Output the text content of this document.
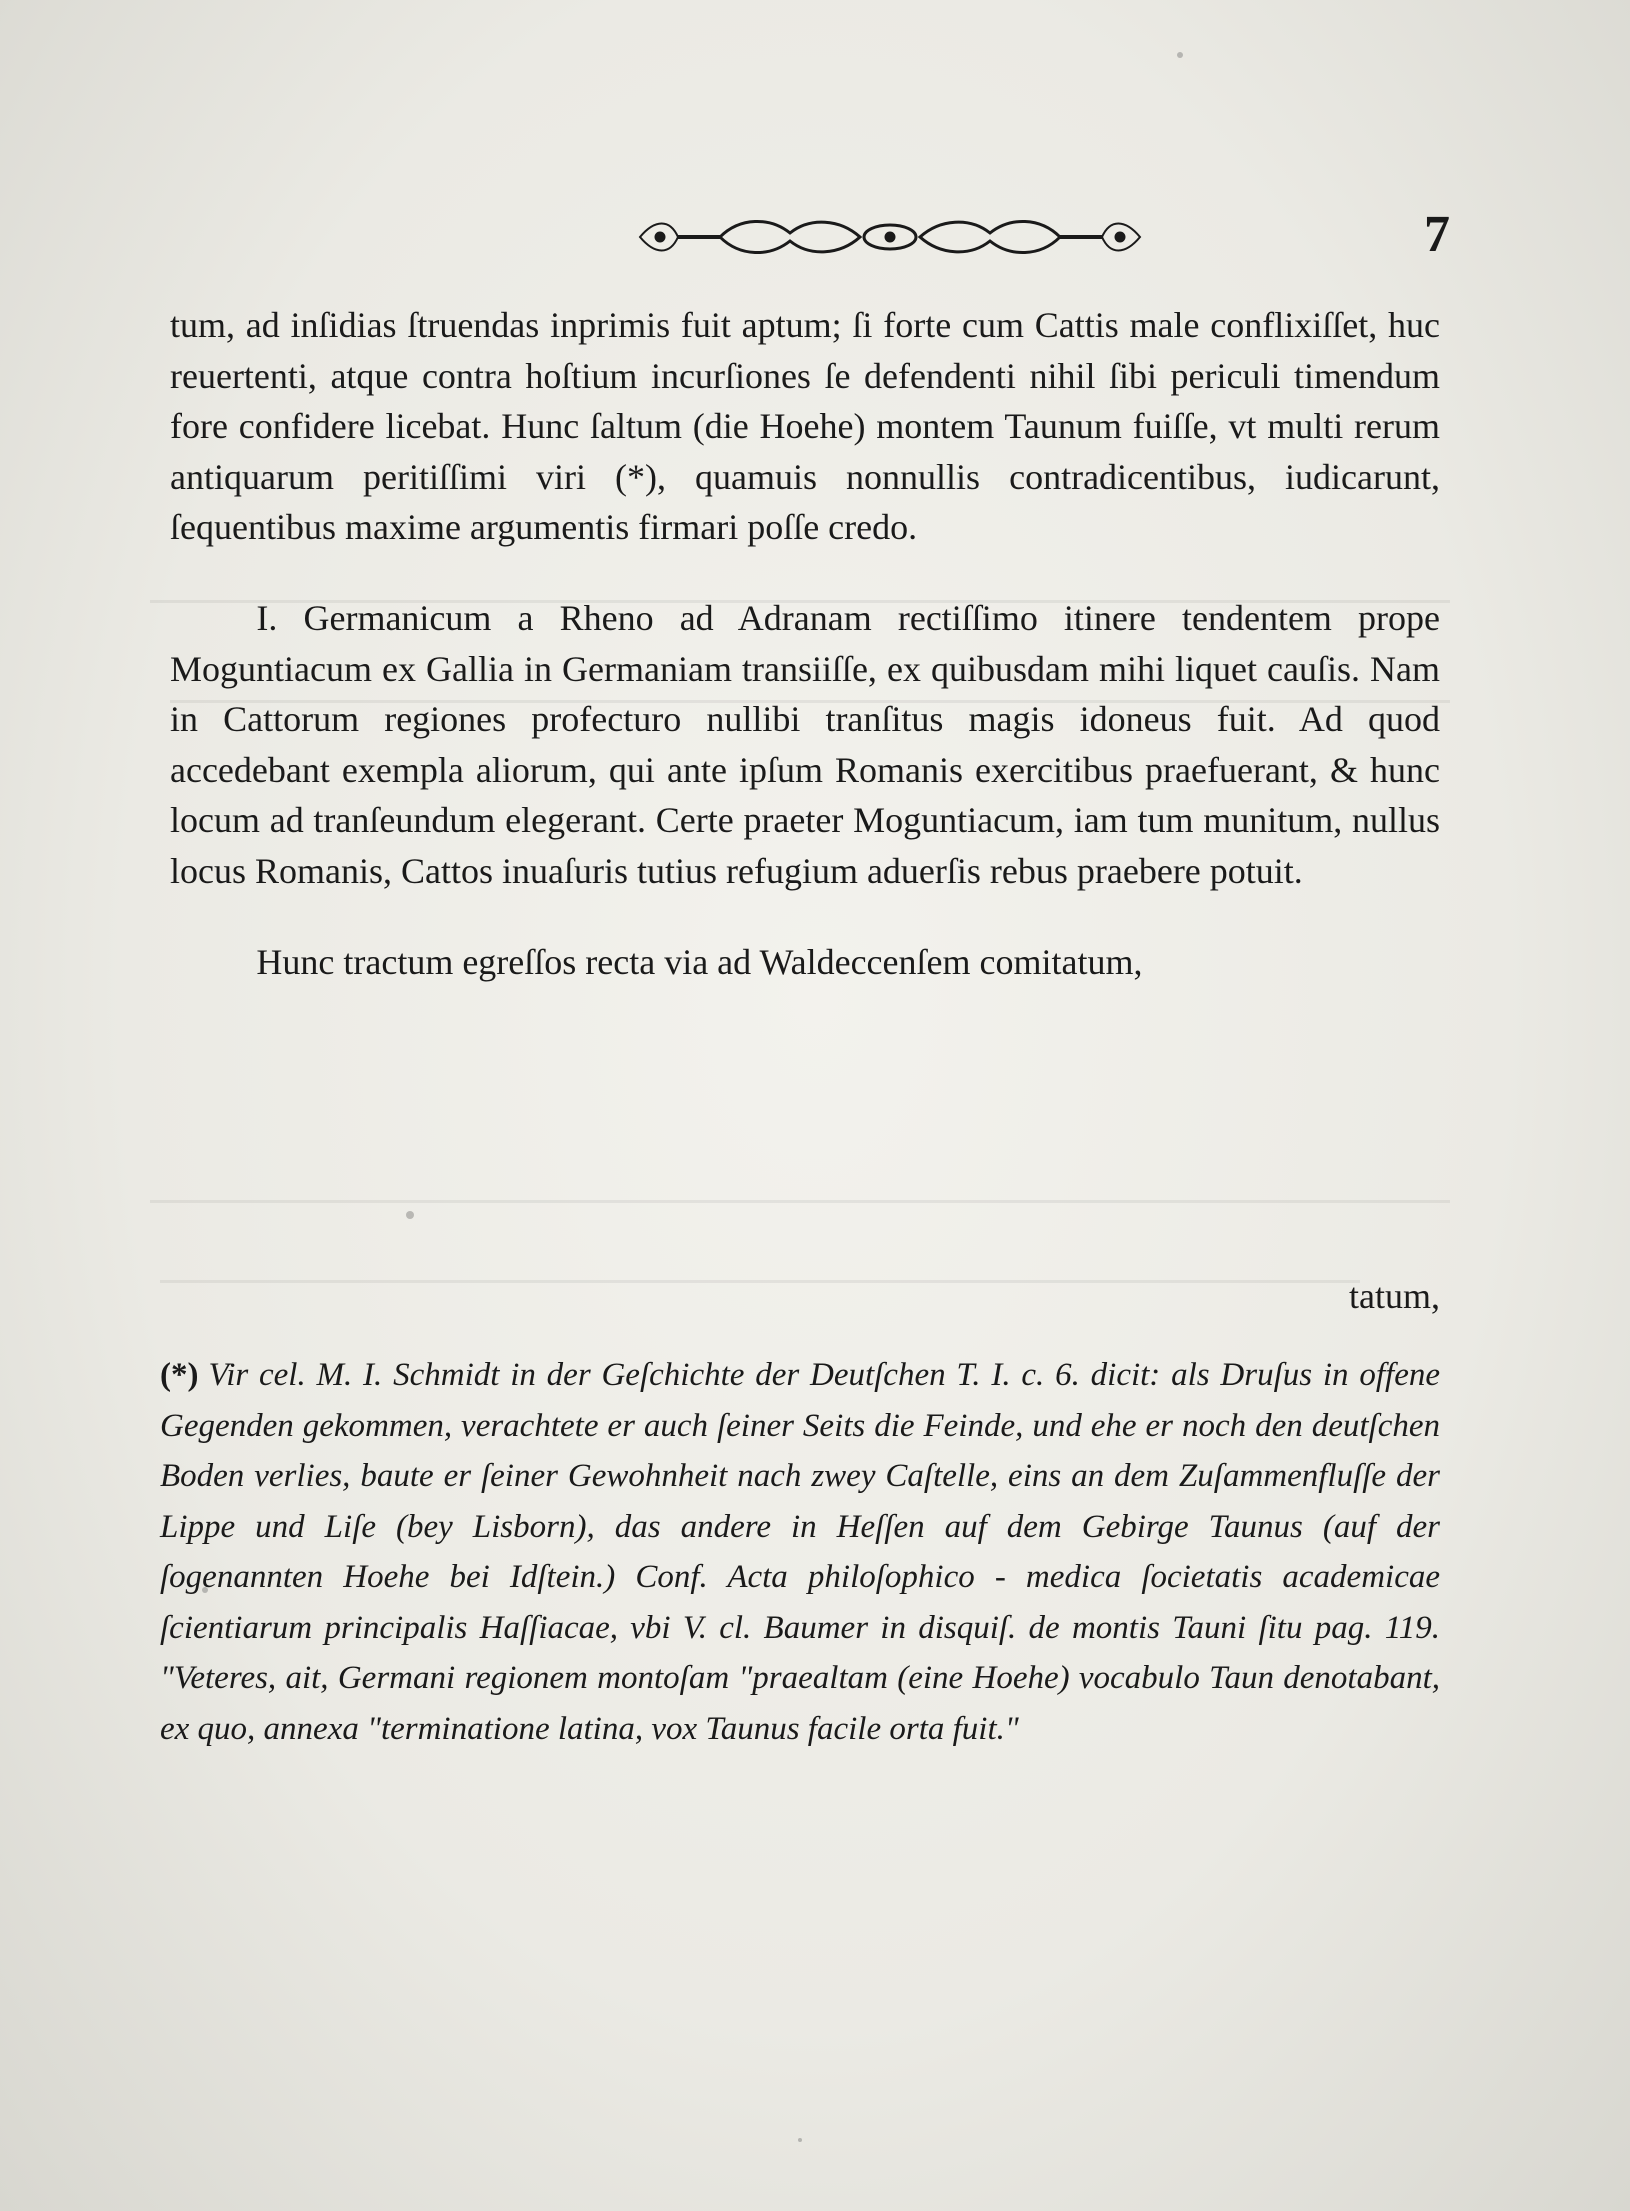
7

tum, ad inſidias ſtruendas inprimis fuit aptum; ſi forte cum Cattis male conflixiſſet, huc reuertenti, atque contra hoſtium incurſiones ſe defendenti nihil ſibi periculi timendum fore confidere licebat. Hunc ſaltum (die Hoehe) montem Taunum fuiſſe, vt multi rerum antiquarum peritiſſimi viri (*), quamuis nonnullis contradicentibus, iudicarunt, ſequentibus maxime argumentis firmari poſſe credo.

I. Germanicum a Rheno ad Adranam rectiſſimo itinere tendentem prope Moguntiacum ex Gallia in Germaniam transiiſſe, ex quibusdam mihi liquet cauſis. Nam in Cattorum regiones profecturo nullibi tranſitus magis idoneus fuit. Ad quod accedebant exempla aliorum, qui ante ipſum Romanis exercitibus praefuerant, & hunc locum ad tranſeundum elegerant. Certe praeter Moguntiacum, iam tum munitum, nullus locus Romanis, Cattos inuaſuris tutius refugium aduerſis rebus praebere potuit.

Hunc tractum egreſſos recta via ad Waldeccenſem comitatum,

tatum,
(*) Vir cel. M. I. Schmidt in der Geſchichte der Deutſchen T. I. c. 6. dicit: als Druſus in offene Gegenden gekommen, verachtete er auch ſeiner Seits die Feinde, und ehe er noch den deutſchen Boden verlies, baute er ſeiner Gewohnheit nach zwey Caſtelle, eins an dem Zuſammenfluſſe der Lippe und Liſe (bey Lisborn), das andere in Heſſen auf dem Gebirge Taunus (auf der ſogenannten Hoehe bei Idſtein.) Conf. Acta philoſophico - medica ſocietatis academicae ſcientiarum principalis Haſſiacae, vbi V. cl. Baumer in disquiſ. de montis Tauni ſitu pag. 119. "Veteres, ait, Germani regionem montoſam "praealtam (eine Hoehe) vocabulo Taun denotabant, ex quo, annexa "terminatione latina, vox Taunus facile orta fuit."
